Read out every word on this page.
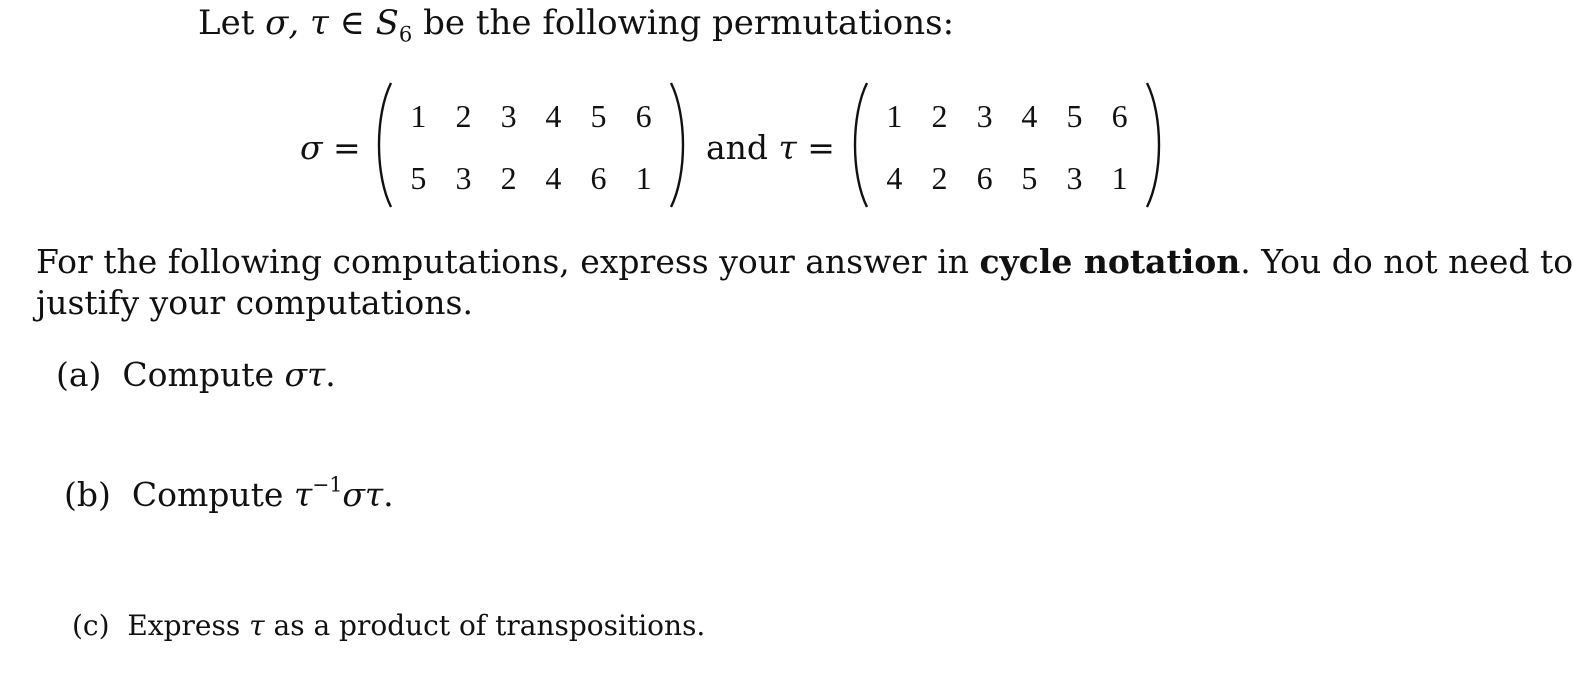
Let σ, τ ∈ $S_6$ be the following permutations:
σ =
1 2 3 4 5 6
5 3 2 4 6 1
and τ =
1 2 3 4 5 6
4 2 6 5 3 1
For the following computations, express your answer in cycle notation. You do not need to
justify your computations.
(a) Compute στ.
(b) Compute $\tau^{-1}\sigma\tau$.
(c) Express τ as a product of transpositions.
